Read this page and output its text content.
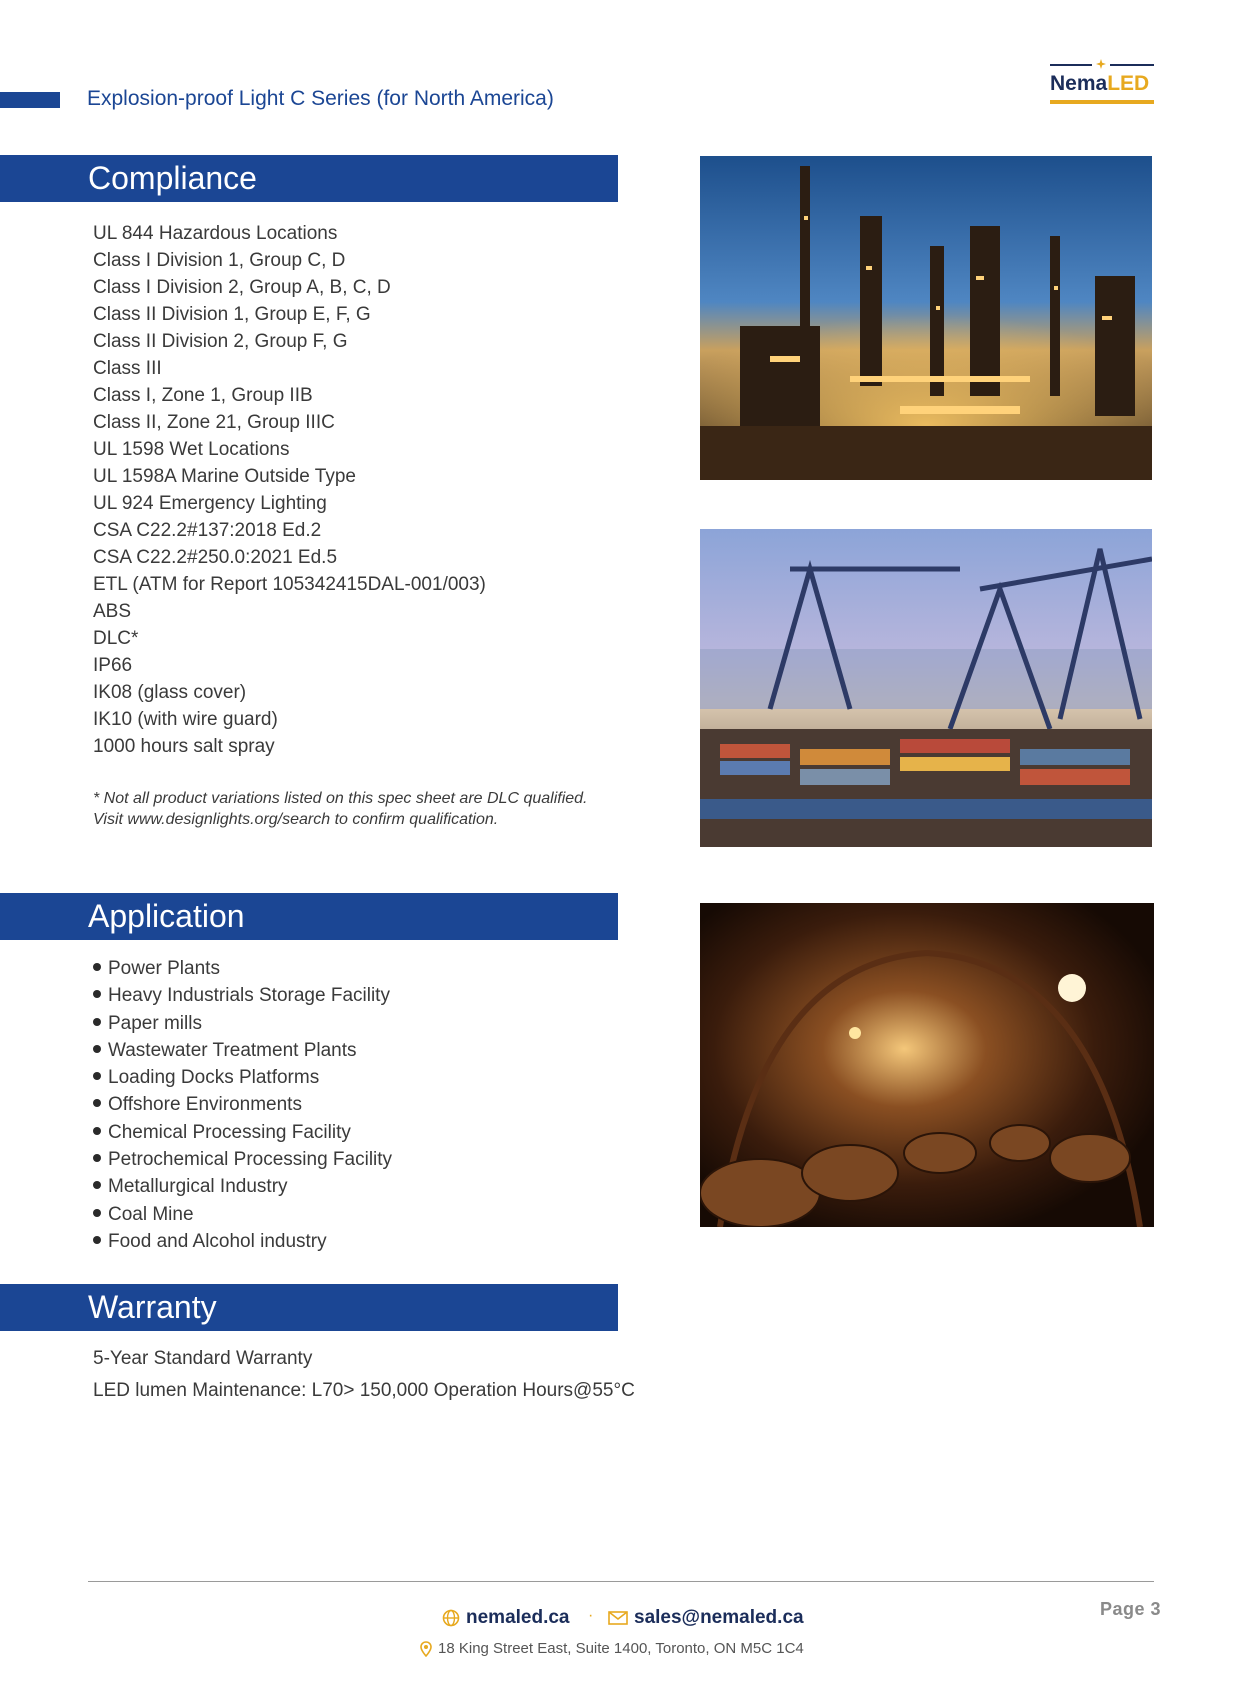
Explosion-proof Light C Series (for North America)
NemaLED
Compliance
UL 844 Hazardous Locations
Class I Division 1, Group C, D
Class I Division 2, Group A, B, C, D
Class II Division 1, Group E, F, G
Class II Division 2, Group F, G
Class III
Class I, Zone 1, Group IIB
Class II, Zone 21, Group IIIC
UL 1598 Wet Locations
UL 1598A Marine Outside Type
UL 924 Emergency Lighting
CSA C22.2#137:2018 Ed.2
CSA C22.2#250.0:2021 Ed.5
ETL (ATM for Report 105342415DAL-001/003)
ABS
DLC*
IP66
IK08 (glass cover)
IK10 (with wire guard)
1000 hours salt spray
* Not all product variations listed on this spec sheet are DLC qualified.
Visit www.designlights.org/search to confirm qualification.
Application
Power Plants
Heavy Industrials Storage Facility
Paper mills
Wastewater Treatment Plants
Loading Docks Platforms
Offshore Environments
Chemical Processing Facility
Petrochemical Processing Facility
Metallurgical Industry
Coal Mine
Food and Alcohol industry
Warranty
5-Year Standard Warranty
LED lumen Maintenance: L70> 150,000 Operation Hours@55°C
Page 3
nemaled.ca ·	sales@nemaled.ca
18 King Street East, Suite 1400, Toronto, ON M5C 1C4
